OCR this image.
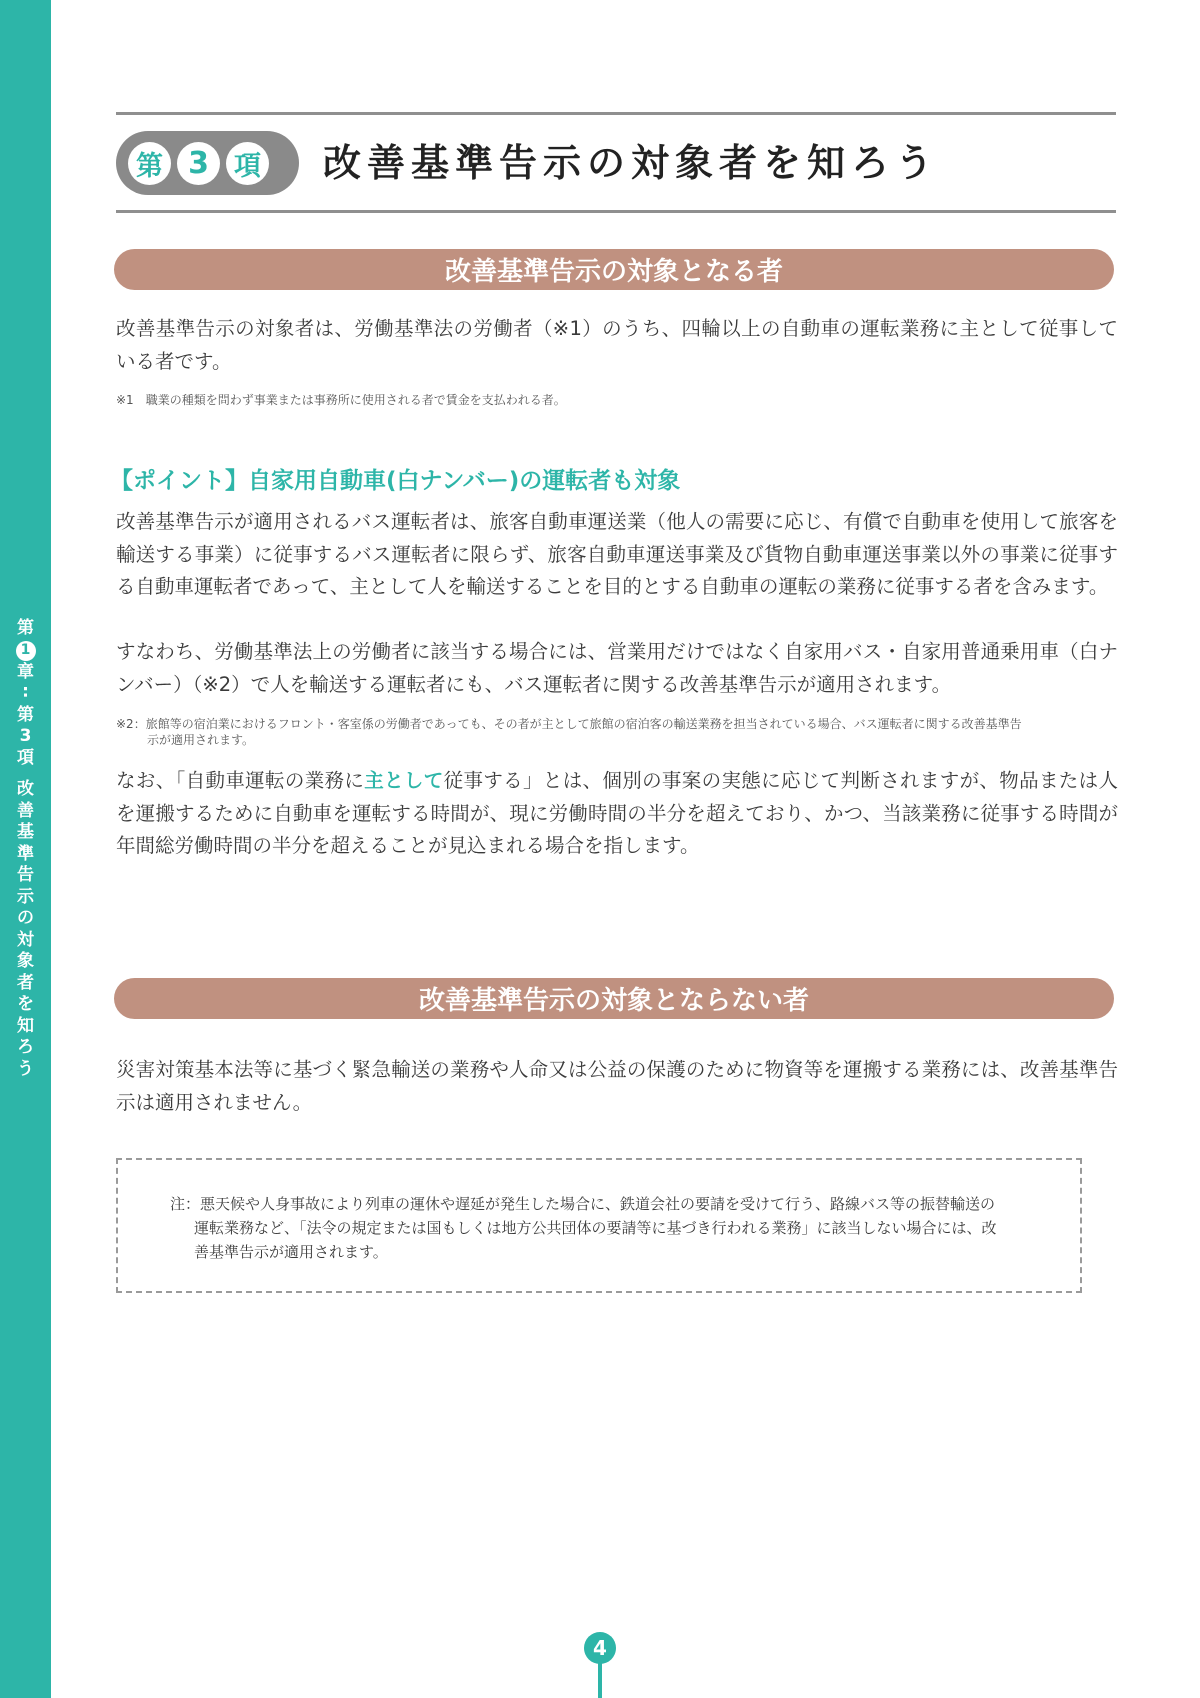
第
1
章
∶
第
3
項
改
善
基
準
告
示
の
対
象
者
を
知
ろ
う
第 3 項 改善基準告示の対象者を知ろう
改善基準告示の対象となる者
改善基準告示の対象者は、労働基準法の労働者（※1）のうち、四輪以上の自動車の運転業務に主として従事している者です。
※1　職業の種類を問わず事業または事務所に使用される者で賃金を支払われる者。
【ポイント】自家用自動車(白ナンバー)の運転者も対象
改善基準告示が適用されるバス運転者は、旅客自動車運送業（他人の需要に応じ、有償で自動車を使用して旅客を輸送する事業）に従事するバス運転者に限らず、旅客自動車運送事業及び貨物自動車運送事業以外の事業に従事する自動車運転者であって、主として人を輸送することを目的とする自動車の運転の業務に従事する者を含みます。
すなわち、労働基準法上の労働者に該当する場合には、営業用だけではなく自家用バス・自家用普通乗用車（白ナンバー）（※2）で人を輸送する運転者にも、バス運転者に関する改善基準告示が適用されます。
※2：旅館等の宿泊業におけるフロント・客室係の労働者であっても、その者が主として旅館の宿泊客の輸送業務を担当されている場合、バス運転者に関する改善基準告
示が適用されます。
なお、「自動車運転の業務に主として従事する」とは、個別の事案の実態に応じて判断されますが、物品または人を運搬するために自動車を運転する時間が、現に労働時間の半分を超えており、かつ、当該業務に従事する時間が年間総労働時間の半分を超えることが見込まれる場合を指します。
改善基準告示の対象とならない者
災害対策基本法等に基づく緊急輸送の業務や人命又は公益の保護のために物資等を運搬する業務には、改善基準告示は適用されません。
注：悪天候や人身事故により列車の運休や遅延が発生した場合に、鉄道会社の要請を受けて行う、路線バス等の振替輸送の
運転業務など、「法令の規定または国もしくは地方公共団体の要請等に基づき行われる業務」に該当しない場合には、改
善基準告示が適用されます。
4
